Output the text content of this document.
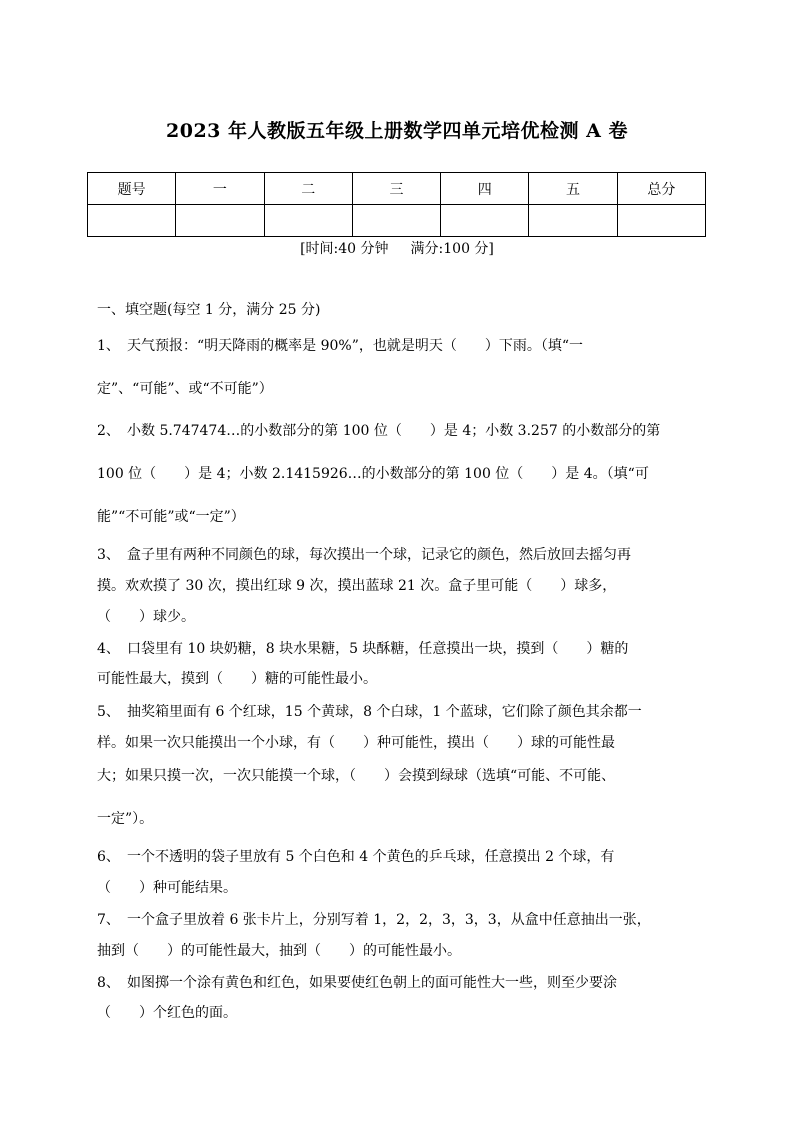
2023 年人教版五年级上册数学四单元培优检测 A 卷
题号	一	二	三	四	五	总分

[时间:40 分钟 满分:100 分]
一、填空题(每空 1 分，满分 25 分)
1、 天气预报：“明天降雨的概率是 90%”，也就是明天（　　）下雨。（填“一
定”、“可能”、或“不可能”）
2、 小数 5.747474…的小数部分的第 100 位（　　）是 4；小数 3.257 的小数部分的第
100 位（　　）是 4；小数 2.1415926…的小数部分的第 100 位（　　）是 4。（填“可
能”“不可能”或“一定”）
3、 盒子里有两种不同颜色的球，每次摸出一个球，记录它的颜色，然后放回去摇匀再
摸。欢欢摸了 30 次，摸出红球 9 次，摸出蓝球 21 次。盒子里可能（　　）球多，
（　　）球少。
4、 口袋里有 10 块奶糖，8 块水果糖，5 块酥糖，任意摸出一块，摸到（　　）糖的
可能性最大，摸到（　　）糖的可能性最小。
5、 抽奖箱里面有 6 个红球，15 个黄球，8 个白球，1 个蓝球，它们除了颜色其余都一
样。如果一次只能摸出一个小球，有（　　）种可能性，摸出（　　）球的可能性最
大；如果只摸一次，一次只能摸一个球，（　　）会摸到绿球（选填“可能、不可能、
一定”）。
6、 一个不透明的袋子里放有 5 个白色和 4 个黄色的乒乓球，任意摸出 2 个球，有
（　　）种可能结果。
7、 一个盒子里放着 6 张卡片上，分别写着 1，2，2，3，3，3，从盒中任意抽出一张，
抽到（　　）的可能性最大，抽到（　　）的可能性最小。
8、 如图掷一个涂有黄色和红色，如果要使红色朝上的面可能性大一些，则至少要涂
（　　）个红色的面。
